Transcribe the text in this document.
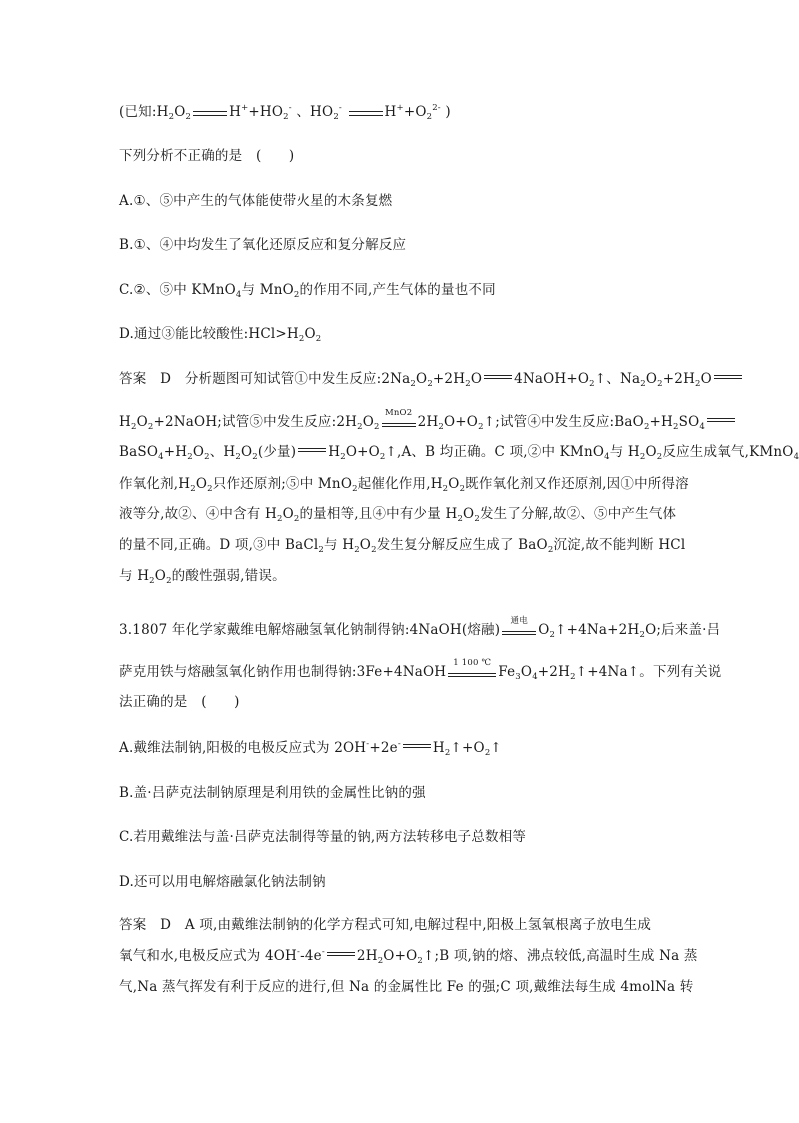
(已知$:H_2O_2$	$H^++HO_2^-$ 、$HO_2^-$	$H^++O_2^{2-}$ )
下列分析不正确的是　(　　)
A.①、⑤中产生的气体能使带火星的木条复燃
B.①、④中均发生了氧化还原反应和复分解反应
C.②、⑤中 KMnO$_4$与 MnO$_2$的作用不同,产生气体的量也不同
D.通过③能比较酸性$:HCl>H_2O_2$
答案　D　分析题图可知试管①中发生反应$:2Na_2O_2+2H_2O$ $4NaOH+O_2↑$、$Na_2O_2+2H_2O$
$H_2O_2+2NaOH$;试管⑤中发生反应$:2H_2O_2$
MnO2
$2H_2O+O_2↑$;试管④中发生反应$:BaO_2+H_2SO_4$
$BaSO_4+H_2O_2$、$H_2O_2$(少量) $H_2O+O_2↑,A$、B 均正确。C 项,②中 KMnO$_4$与 $H_2O_2$反应生成氧气,KMnO$_4$
作氧化剂$,H_2O_2$只作还原剂;⑤中 MnO$_2$起催化作用$,H_2O_2$既作氧化剂又作还原剂,因①中所得溶
液等分,故②、④中含有 $H_2O_2$的量相等,且④中有少量 $H_2O_2$发生了分解,故②、⑤中产生气体
的量不同,正确。D 项,③中 BaCl$_2$与 $H_2O_2$发生复分解反应生成了 BaO$_2$沉淀,故不能判断 HCl
与 $H_2O_2$的酸性强弱,错误。
3.1807 年化学家戴维电解熔融氢氧化钠制得钠:4NaOH(熔融)
通电
$O_2↑+4Na+2H_2O$;后来盖·吕
萨克用铁与熔融氢氧化钠作用也制得钠:3Fe+4NaOH
1 100 ℃
$Fe_3O_4+2H_2↑+4Na↑$。下列有关说
法正确的是　(　　)
A.戴维法制钠,阳极的电极反应式为 2OH-+2e- $H_2↑+O_2↑$
B.盖·吕萨克法制钠原理是利用铁的金属性比钠的强
C.若用戴维法与盖·吕萨克法制得等量的钠,两方法转移电子总数相等
D.还可以用电解熔融氯化钠法制钠
答案　D　A 项,由戴维法制钠的化学方程式可知,电解过程中,阳极上氢氧根离子放电生成
氧气和水,电极反应式为 4OH--4e- $2H_2O+O_2↑;B$ 项,钠的熔、沸点较低,高温时生成 Na 蒸
气,Na 蒸气挥发有利于反应的进行,但 Na 的金属性比 Fe 的强;C 项,戴维法每生成 4molNa 转
